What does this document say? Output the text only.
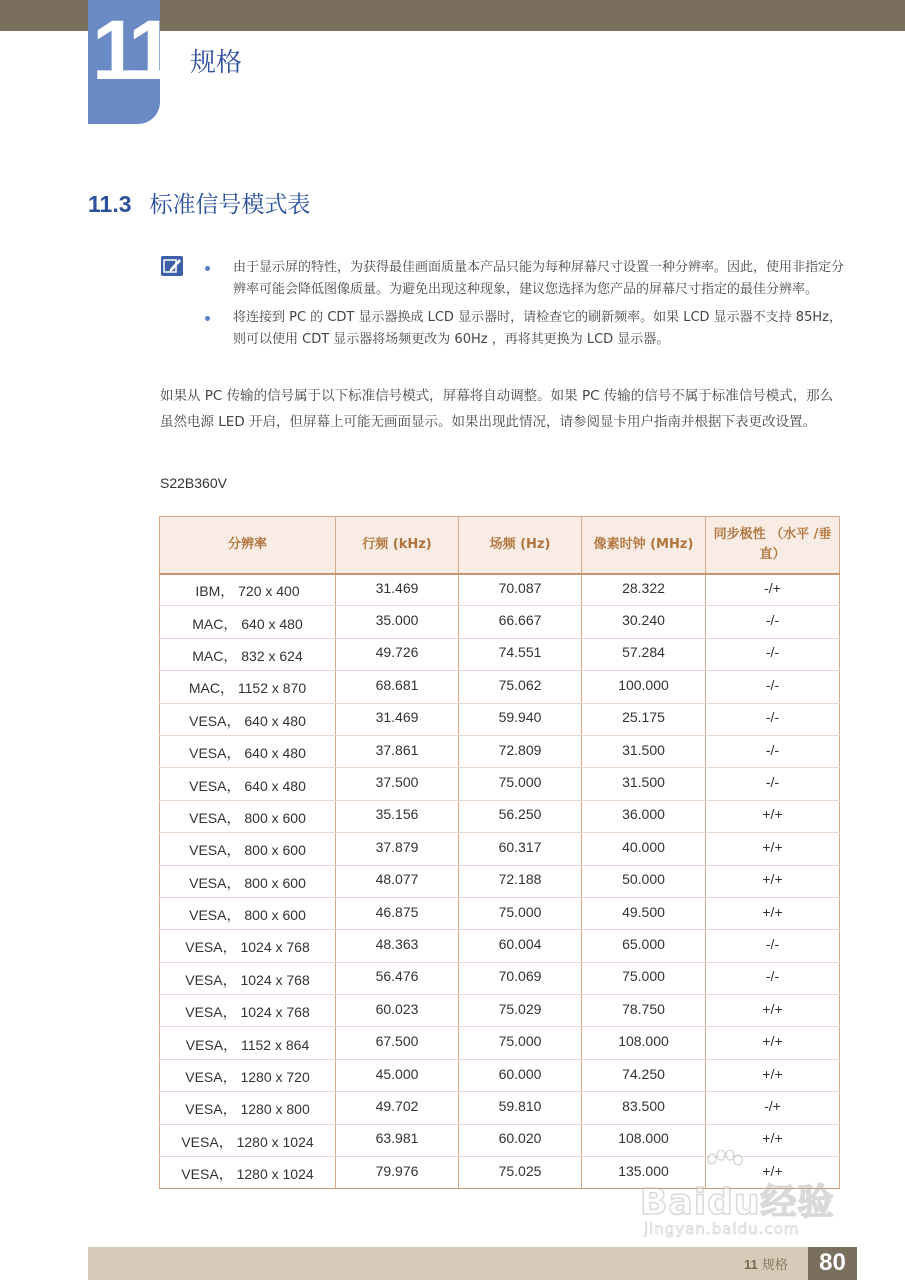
11 规格
11.3 标准信号模式表
由于显示屏的特性，为获得最佳画面质量本产品只能为每种屏幕尺寸设置一种分辨率。因此，使用非指定分辨率可能会降低图像质量。为避免出现这种现象，建议您选择为您产品的屏幕尺寸指定的最佳分辨率。
将连接到 PC 的 CDT 显示器换成 LCD 显示器时，请检查它的刷新频率。如果 LCD 显示器不支持 85Hz，则可以使用 CDT 显示器将场频更改为 60Hz ，再将其更换为 LCD 显示器。

如果从 PC 传输的信号属于以下标准信号模式，屏幕将自动调整。如果 PC 传输的信号不属于标准信号模式，那么虽然电源 LED 开启，但屏幕上可能无画面显示。如果出现此情况，请参阅显卡用户指南并根据下表更改设置。

S22B360V
分辨率	行频 (kHz)	场频 (Hz)	像素时钟 (MHz)	同步极性 （水平 /垂直）
IBM， 720 x 400	31.469	70.087	28.322	-/+
MAC， 640 x 480	35.000	66.667	30.240	-/-
MAC， 832 x 624	49.726	74.551	57.284	-/-
MAC， 1152 x 870	68.681	75.062	100.000	-/-
VESA， 640 x 480	31.469	59.940	25.175	-/-
VESA， 640 x 480	37.861	72.809	31.500	-/-
VESA， 640 x 480	37.500	75.000	31.500	-/-
VESA， 800 x 600	35.156	56.250	36.000	+/+
VESA， 800 x 600	37.879	60.317	40.000	+/+
VESA， 800 x 600	48.077	72.188	50.000	+/+
VESA， 800 x 600	46.875	75.000	49.500	+/+
VESA， 1024 x 768	48.363	60.004	65.000	-/-
VESA， 1024 x 768	56.476	70.069	75.000	-/-
VESA， 1024 x 768	60.023	75.029	78.750	+/+
VESA， 1152 x 864	67.500	75.000	108.000	+/+
VESA， 1280 x 720	45.000	60.000	74.250	+/+
VESA， 1280 x 800	49.702	59.810	83.500	-/+
VESA， 1280 x 1024	63.981	60.020	108.000	+/+
VESA， 1280 x 1024	79.976	75.025	135.000	+/+
Baidu经验
jingyan.baidu.com
11 规格	80
